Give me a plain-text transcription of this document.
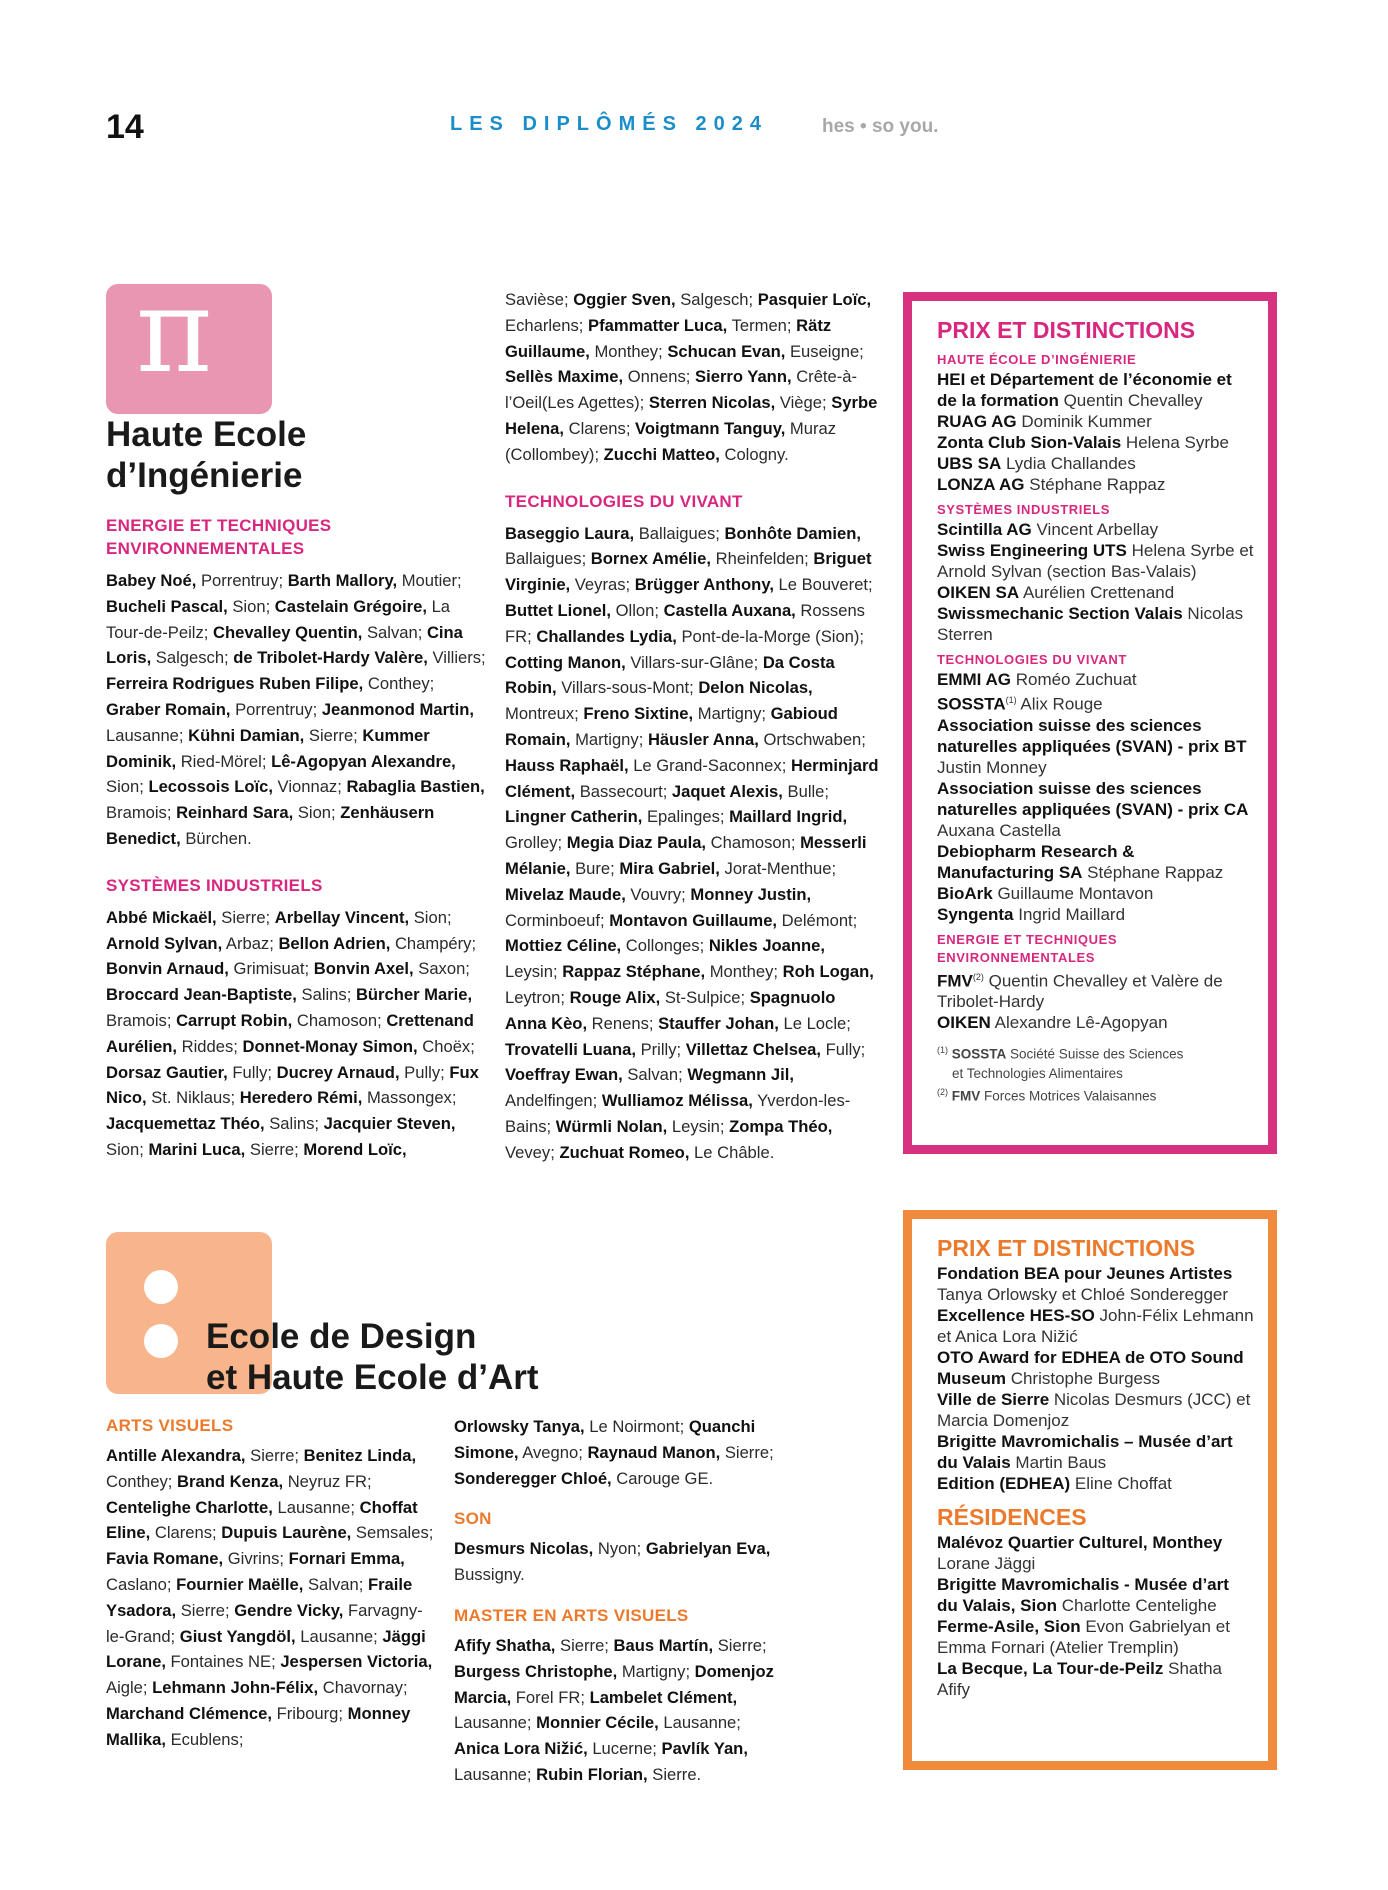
14	LES DIPLÔMÉS 2024	hes • so you.
π
Haute Ecole
d’Ingénierie
ENERGIE ET TECHNIQUES ENVIRONNEMENTALES
Babey Noé, Porrentruy; Barth Mallory, Moutier; Bucheli Pascal, Sion; Castelain Grégoire, La Tour-de-Peilz; Chevalley Quentin, Salvan; Cina Loris, Salgesch; de Tribolet-Hardy Valère, Villiers; Ferreira Rodrigues Ruben Filipe, Conthey; Graber Romain, Porrentruy; Jeanmonod Martin, Lausanne; Kühni Damian, Sierre; Kummer Dominik, Ried-Mörel; Lê-Agopyan Alexandre, Sion; Lecossois Loïc, Vionnaz; Rabaglia Bastien, Bramois; Reinhard Sara, Sion; Zenhäusern Benedict, Bürchen.
SYSTÈMES INDUSTRIELS
Abbé Mickaël, Sierre; Arbellay Vincent, Sion; Arnold Sylvan, Arbaz; Bellon Adrien, Champéry; Bonvin Arnaud, Grimisuat; Bonvin Axel, Saxon; Broccard Jean-Baptiste, Salins; Bürcher Marie, Bramois; Carrupt Robin, Chamoson; Crettenand Aurélien, Riddes; Donnet-Monay Simon, Choëx; Dorsaz Gautier, Fully; Ducrey Arnaud, Pully; Fux Nico, St. Niklaus; Heredero Rémi, Massongex; Jacquemettaz Théo, Salins; Jacquier Steven, Sion; Marini Luca, Sierre; Morend Loïc,
Savièse; Oggier Sven, Salgesch; Pasquier Loïc, Echarlens; Pfammatter Luca, Termen; Rätz Guillaume, Monthey; Schucan Evan, Euseigne; Sellès Maxime, Onnens; Sierro Yann, Crête-à-l’Oeil(Les Agettes); Sterren Nicolas, Viège; Syrbe Helena, Clarens; Voigtmann Tanguy, Muraz (Collombey); Zucchi Matteo, Cologny.
TECHNOLOGIES DU VIVANT
Baseggio Laura, Ballaigues; Bonhôte Damien, Ballaigues; Bornex Amélie, Rheinfelden; Briguet Virginie, Veyras; Brügger Anthony, Le Bouveret; Buttet Lionel, Ollon; Castella Auxana, Rossens FR; Challandes Lydia, Pont-de-la-Morge (Sion); Cotting Manon, Villars-sur-Glâne; Da Costa Robin, Villars-sous-Mont; Delon Nicolas, Montreux; Freno Sixtine, Martigny; Gabioud Romain, Martigny; Häusler Anna, Ortschwaben; Hauss Raphaël, Le Grand-Saconnex; Herminjard Clément, Bassecourt; Jaquet Alexis, Bulle; Lingner Catherin, Epalinges; Maillard Ingrid, Grolley; Megia Diaz Paula, Chamoson; Messerli Mélanie, Bure; Mira Gabriel, Jorat-Menthue; Mivelaz Maude, Vouvry; Monney Justin, Corminboeuf; Montavon Guillaume, Delémont; Mottiez Céline, Collonges; Nikles Joanne, Leysin; Rappaz Stéphane, Monthey; Roh Logan, Leytron; Rouge Alix, St-Sulpice; Spagnuolo Anna Kèo, Renens; Stauffer Johan, Le Locle; Trovatelli Luana, Prilly; Villettaz Chelsea, Fully; Voeffray Ewan, Salvan; Wegmann Jil, Andelfingen; Wulliamoz Mélissa, Yverdon-les-Bains; Würmli Nolan, Leysin; Zompa Théo, Vevey; Zuchuat Romeo, Le Châble.
PRIX ET DISTINCTIONS
HAUTE ÉCOLE D’INGÉNIERIE
HEI et Département de l’économie et de la formation Quentin Chevalley
RUAG AG Dominik Kummer
Zonta Club Sion-Valais Helena Syrbe
UBS SA Lydia Challandes
LONZA AG Stéphane Rappaz
SYSTÈMES INDUSTRIELS
Scintilla AG Vincent Arbellay
Swiss Engineering UTS Helena Syrbe et Arnold Sylvan (section Bas-Valais)
OIKEN SA Aurélien Crettenand
Swissmechanic Section Valais Nicolas Sterren
TECHNOLOGIES DU VIVANT
EMMI AG Roméo Zuchuat
SOSSTA$^{(1)}$ Alix Rouge
Association suisse des sciences naturelles appliquées (SVAN) - prix BT Justin Monney
Association suisse des sciences naturelles appliquées (SVAN) - prix CA Auxana Castella
Debiopharm Research & Manufacturing SA Stéphane Rappaz
BioArk Guillaume Montavon
Syngenta Ingrid Maillard
ENERGIE ET TECHNIQUES ENVIRONNEMENTALES
FMV$^{(2)}$ Quentin Chevalley et Valère de Tribolet-Hardy
OIKEN Alexandre Lê-Agopyan
$^{(1)}$ SOSSTA Société Suisse des Sciences
et Technologies Alimentaires
$^{(2)}$ FMV Forces Motrices Valaisannes
Ecole de Design
et Haute Ecole d’Art
ARTS VISUELS
Antille Alexandra, Sierre; Benitez Linda, Conthey; Brand Kenza, Neyruz FR; Centelighe Charlotte, Lausanne; Choffat Eline, Clarens; Dupuis Laurène, Semsales; Favia Romane, Givrins; Fornari Emma, Caslano; Fournier Maëlle, Salvan; Fraile Ysadora, Sierre; Gendre Vicky, Farvagny-le-Grand; Giust Yangdöl, Lausanne; Jäggi Lorane, Fontaines NE; Jespersen Victoria, Aigle; Lehmann John-Félix, Chavornay; Marchand Clémence, Fribourg; Monney Mallika, Ecublens;
Orlowsky Tanya, Le Noirmont; Quanchi Simone, Avegno; Raynaud Manon, Sierre; Sonderegger Chloé, Carouge GE.
SON
Desmurs Nicolas, Nyon; Gabrielyan Eva, Bussigny.
MASTER EN ARTS VISUELS
Afify Shatha, Sierre; Baus Martín, Sierre; Burgess Christophe, Martigny; Domenjoz Marcia, Forel FR; Lambelet Clément, Lausanne; Monnier Cécile, Lausanne; Anica Lora Nižić, Lucerne; Pavlík Yan, Lausanne; Rubin Florian, Sierre.
PRIX ET DISTINCTIONS
Fondation BEA pour Jeunes Artistes Tanya Orlowsky et Chloé Sonderegger
Excellence HES-SO John-Félix Lehmann et Anica Lora Nižić
OTO Award for EDHEA de OTO Sound Museum Christophe Burgess
Ville de Sierre Nicolas Desmurs (JCC) et Marcia Domenjoz
Brigitte Mavromichalis – Musée d’art du Valais Martin Baus
Edition (EDHEA) Eline Choffat
RÉSIDENCES
Malévoz Quartier Culturel, Monthey Lorane Jäggi
Brigitte Mavromichalis - Musée d’art du Valais, Sion Charlotte Centelighe
Ferme-Asile, Sion Evon Gabrielyan et Emma Fornari (Atelier Tremplin)
La Becque, La Tour-de-Peilz Shatha Afify
